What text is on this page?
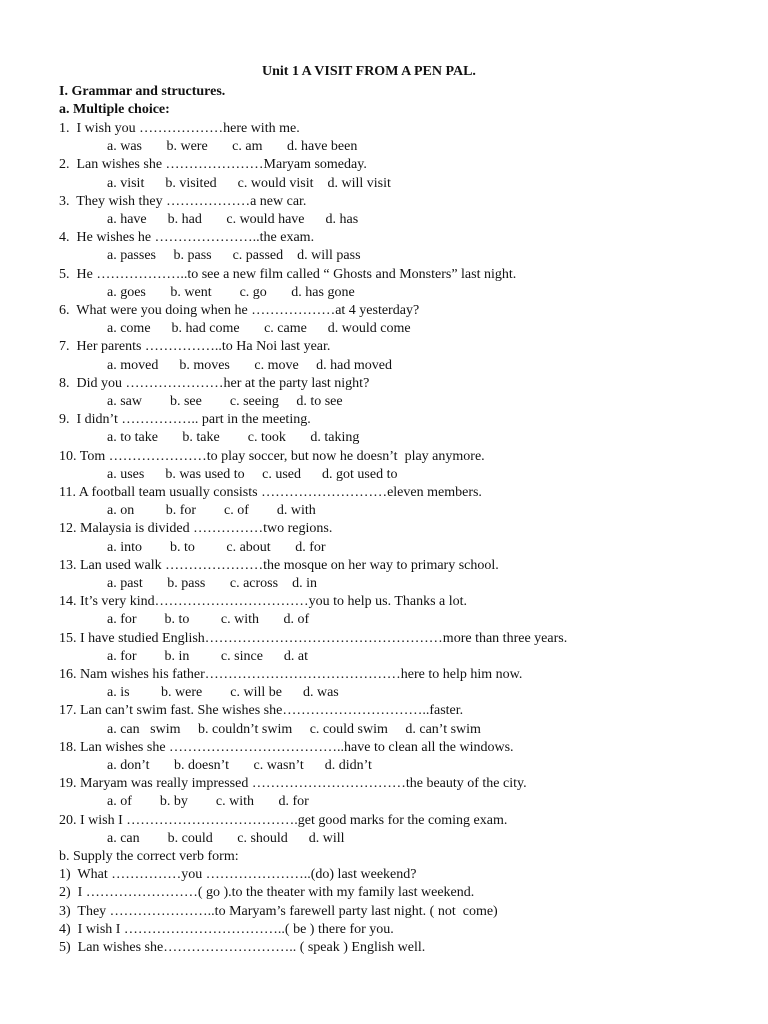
Unit 1 A VISIT FROM A PEN PAL.
I. Grammar and structures.
a. Multiple choice:
1.  I wish you ………………here with me.
a. was       b. were       c. am       d. have been
2.  Lan wishes she …………………Maryam someday.
a. visit      b. visited      c. would visit    d. will visit
3.  They wish they ………………a new car.
a. have      b. had       c. would have      d. has
4.  He wishes he …………………..the exam.
a. passes     b. pass      c. passed    d. will pass
5.  He ………………..to see a new film called “ Ghosts and Monsters” last night.
a. goes       b. went        c. go       d. has gone
6.  What were you doing when he ………………at 4 yesterday?
a. come      b. had come       c. came      d. would come
7.  Her parents ……………..to Ha Noi last year.
a. moved      b. moves       c. move     d. had moved
8.  Did you …………………her at the party last night?
a. saw        b. see        c. seeing     d. to see
9.  I didn’t …………….. part in the meeting.
a. to take       b. take        c. took       d. taking
10. Tom …………………to play soccer, but now he doesn’t  play anymore.
a. uses      b. was used to     c. used      d. got used to
11. A football team usually consists ………………………eleven members.
a. on         b. for        c. of        d. with
12. Malaysia is divided ……………two regions.
a. into        b. to         c. about       d. for
13. Lan used walk …………………the mosque on her way to primary school.
a. past       b. pass       c. across    d. in
14. It’s very kind……………………………you to help us. Thanks a lot.
a. for        b. to         c. with       d. of
15. I have studied English……………………………………………more than three years.
a. for        b. in         c. since      d. at
16. Nam wishes his father……………………………………here to help him now.
a. is         b. were        c. will be      d. was
17. Lan can’t swim fast. She wishes she…………………………..faster.
a. can   swim     b. couldn’t swim     c. could swim     d. can’t swim
18. Lan wishes she ………………………………..have to clean all the windows.
a. don’t       b. doesn’t       c. wasn’t      d. didn’t
19. Maryam was really impressed ……………………………the beauty of the city.
a. of        b. by        c. with       d. for
20. I wish I ……………………………….get good marks for the coming exam.
a. can        b. could       c. should      d. will
b. Supply the correct verb form:
1)  What ……………you …………………..(do) last weekend?
2)  I ……………………( go ).to the theater with my family last weekend.
3)  They …………………..to Maryam’s farewell party last night. ( not  come)
4)  I wish I ……………………………..( be ) there for you.
5)  Lan wishes she……………………….. ( speak ) English well.
